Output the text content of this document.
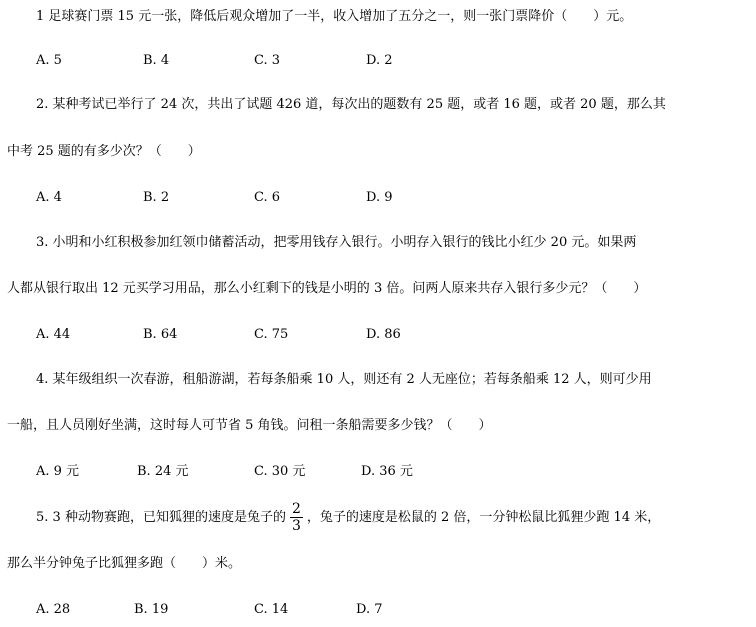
1 足球赛门票 15 元一张，降低后观众增加了一半，收入增加了五分之一，则一张门票降价（　　）元。
A. 5	B. 4	C. 3	D. 2
2. 某种考试已举行了 24 次，共出了试题 426 道，每次出的题数有 25 题，或者 16 题，或者 20 题，那么其
中考 25 题的有多少次？（　　）
A. 4	B. 2	C. 6	D. 9
3. 小明和小红积极参加红领巾储蓄活动，把零用钱存入银行。小明存入银行的钱比小红少 20 元。如果两
人都从银行取出 12 元买学习用品，那么小红剩下的钱是小明的 3 倍。问两人原来共存入银行多少元？（　　）
A. 44	B. 64	C. 75	D. 86
4. 某年级组织一次春游，租船游湖，若每条船乘 10 人，则还有 2 人无座位；若每条船乘 12 人，则可少用
一船，且人员刚好坐满，这时每人可节省 5 角钱。问租一条船需要多少钱？（　　）
A. 9 元	B. 24 元	C. 30 元	D. 36 元
5. 3 种动物赛跑，已知狐狸的速度是兔子的 $\frac{2}{3}$ ，兔子的速度是松鼠的 2 倍，一分钟松鼠比狐狸少跑 14 米，
那么半分钟兔子比狐狸多跑（　　）米。
A. 28	B. 19	C. 14	D. 7
